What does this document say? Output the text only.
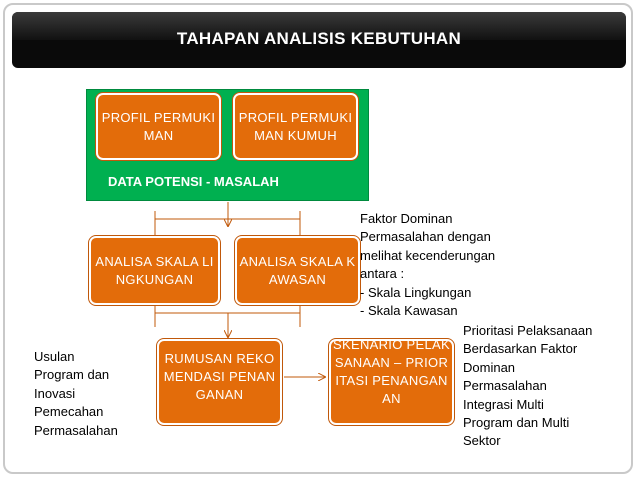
TAHAPAN ANALISIS KEBUTUHAN
PROFIL PERMUKIMAN
PROFIL PERMUKIMAN KUMUH
DATA POTENSI - MASALAH
ANALISA SKALA LINGKUNGAN
ANALISA SKALA KAWASAN
RUMUSAN REKOMENDASI PENANGANAN
SKENARIO PELAKSANAAN – PRIORITASI PENANGANAN
Faktor Dominan
Permasalahan dengan
melihat kecenderungan
antara :
- Skala Lingkungan
- Skala Kawasan
Usulan
Program dan
Inovasi
Pemecahan
Permasalahan
Prioritasi Pelaksanaan
Berdasarkan Faktor
Dominan
Permasalahan
Integrasi Multi
Program dan Multi
Sektor
